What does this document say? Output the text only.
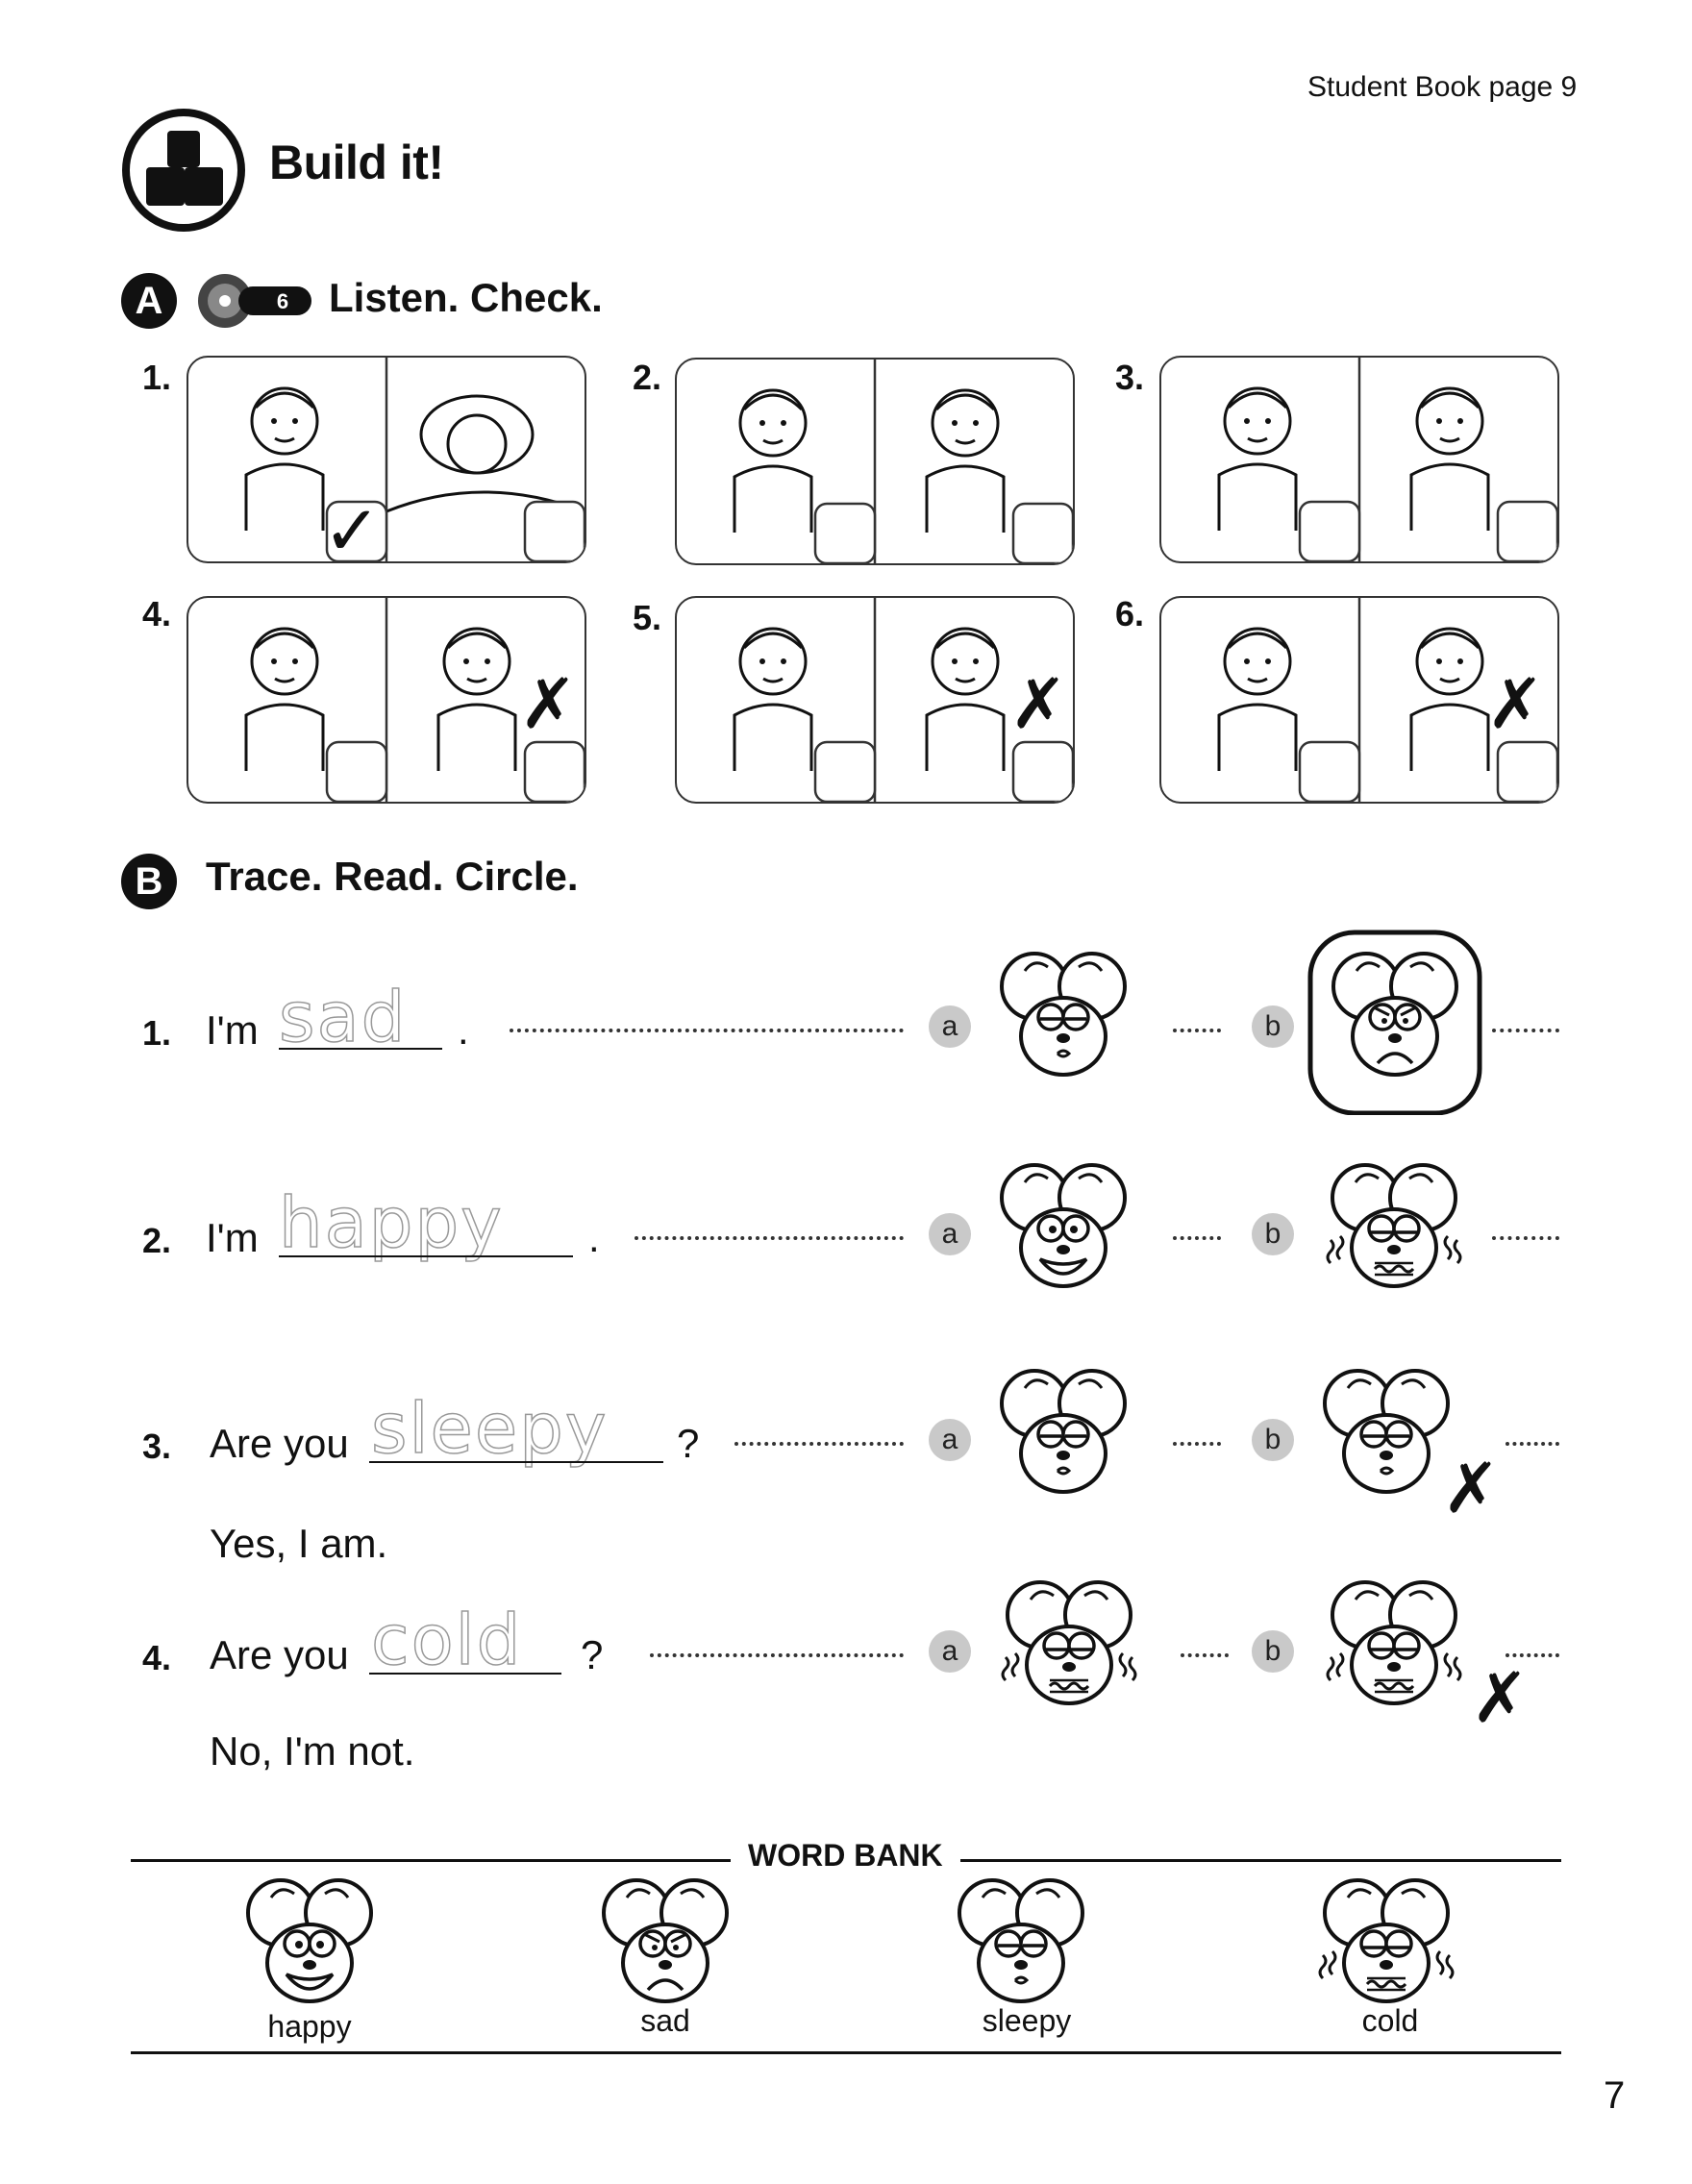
Student Book page 9
Build it!
A	6 Listen. Check.
1.
✓
2.	3.
4.
✗
5.
✗
6.
✗
B	Trace. Read. Circle.
1. I'm sad .	a	b
2. I'm happy .	a	b
3. Are you sleepy ?	a	b
✗
Yes, I am.
4. Are you cold ?	a	b
✗
No, I'm not.
WORD BANK
happy	sad	sleepy	cold
7
